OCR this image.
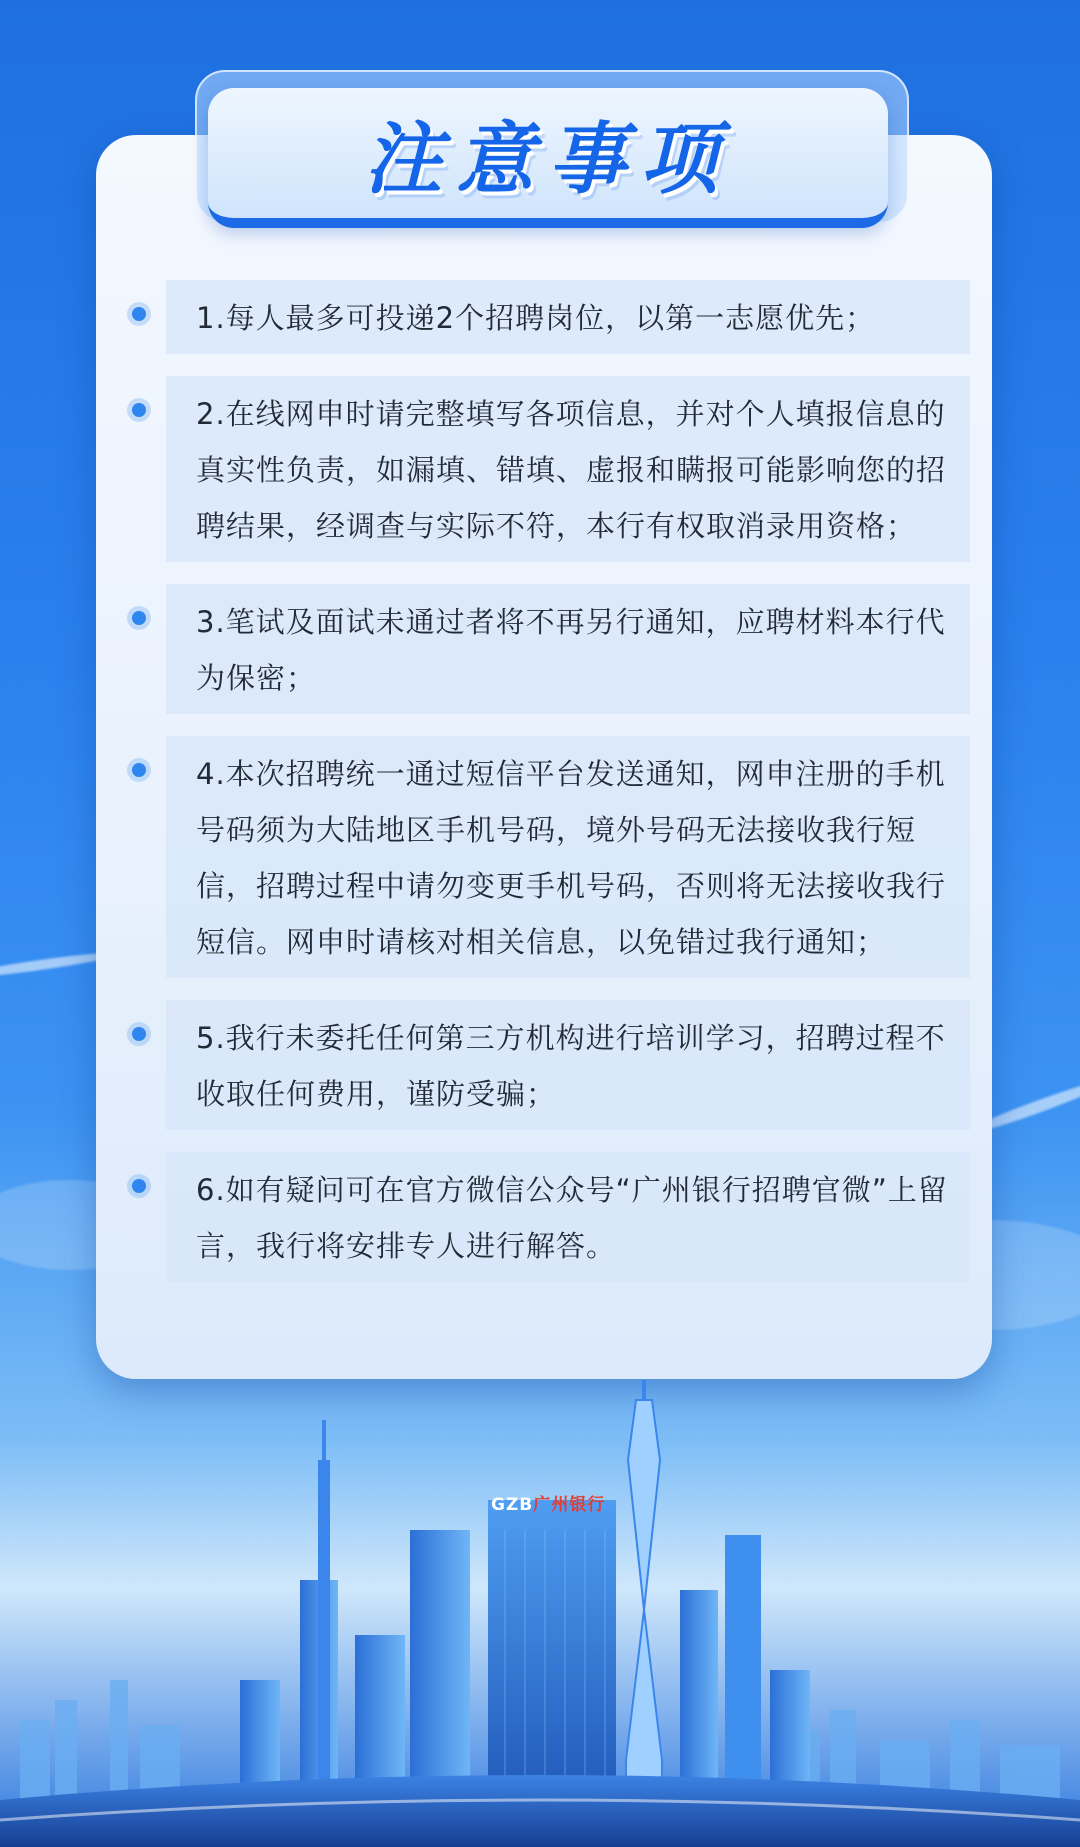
注意事项
1.每人最多可投递2个招聘岗位，以第一志愿优先；
2.在线网申时请完整填写各项信息，并对个人填报信息的真实性负责，如漏填、错填、虚报和瞒报可能影响您的招聘结果，经调查与实际不符，本行有权取消录用资格；
3.笔试及面试未通过者将不再另行通知，应聘材料本行代为保密；
4.本次招聘统一通过短信平台发送通知，网申注册的手机号码须为大陆地区手机号码，境外号码无法接收我行短信，招聘过程中请勿变更手机号码，否则将无法接收我行短信。网申时请核对相关信息，以免错过我行通知；
5.我行未委托任何第三方机构进行培训学习，招聘过程不收取任何费用，谨防受骗；
6.如有疑问可在官方微信公众号“广州银行招聘官微”上留言，我行将安排专人进行解答。
GZB广州银行
